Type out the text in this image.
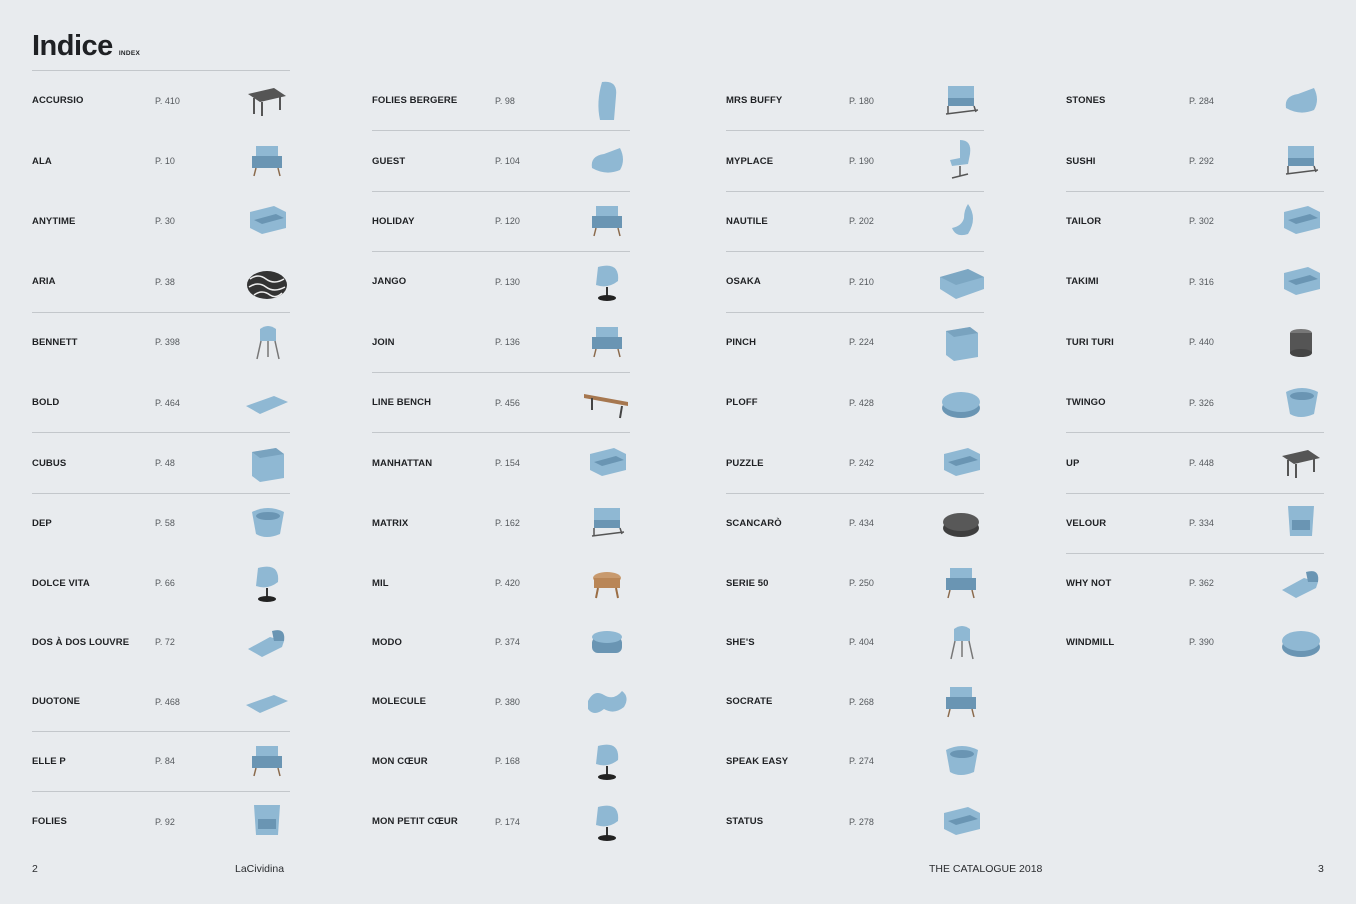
Indice INDEX
ACCURSIO	P. 410
ALA	P. 10
ANYTIME	P. 30
ARIA	P. 38
BENNETT	P. 398
BOLD	P. 464
CUBUS	P. 48
DEP	P. 58
DOLCE VITA	P. 66
DOS À DOS LOUVRE	P. 72
DUOTONE	P. 468
ELLE P	P. 84
FOLIES	P. 92
FOLIES BERGERE	P. 98
GUEST	P. 104
HOLIDAY	P. 120
JANGO	P. 130
JOIN	P. 136
LINE BENCH	P. 456
MANHATTAN	P. 154
MATRIX	P. 162
MIL	P. 420
MODO	P. 374
MOLECULE	P. 380
MON CŒUR	P. 168
MON PETIT CŒUR	P. 174
MRS BUFFY	P. 180
MYPLACE	P. 190
NAUTILE	P. 202
OSAKA	P. 210
PINCH	P. 224
PLOFF	P. 428
PUZZLE	P. 242
SCANCARÒ	P. 434
SERIE 50	P. 250
SHE'S	P. 404
SOCRATE	P. 268
SPEAK EASY	P. 274
STATUS	P. 278
STONES	P. 284
SUSHI	P. 292
TAILOR	P. 302
TAKIMI	P. 316
TURI TURI	P. 440
TWINGO	P. 326
UP	P. 448
VELOUR	P. 334
WHY NOT	P. 362
WINDMILL	P. 390
2	LaCividina	THE CATALOGUE 2018	3
